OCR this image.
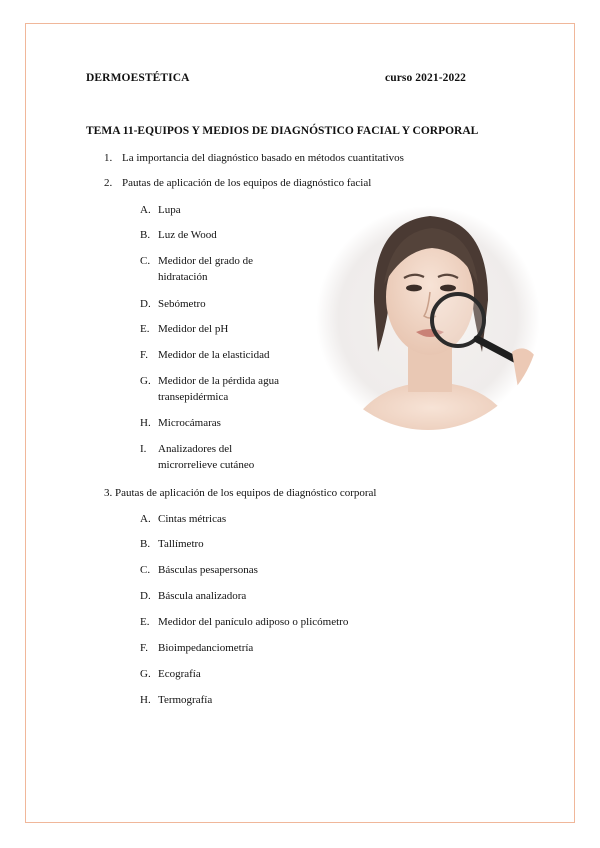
DERMOESTÉTICA	curso 2021-2022
TEMA 11-EQUIPOS Y MEDIOS DE DIAGNÓSTICO FACIAL Y CORPORAL
1. La importancia del diagnóstico basado en métodos cuantitativos
2. Pautas de aplicación de los equipos de diagnóstico facial
A. Lupa
B. Luz de Wood
C. Medidor del grado de
hidratación
D. Sebómetro
E. Medidor del pH
F. Medidor de la elasticidad
G. Medidor de la pérdida agua
transepidérmica
H. Microcámaras
I. Analizadores del
microrrelieve cutáneo
3. Pautas de aplicación de los equipos de diagnóstico corporal
A. Cintas métricas
B. Tallímetro
C. Básculas pesapersonas
D. Báscula analizadora
E. Medidor del panículo adiposo o plicómetro
F. Bioimpedanciometría
G. Ecografía
H. Termografía
